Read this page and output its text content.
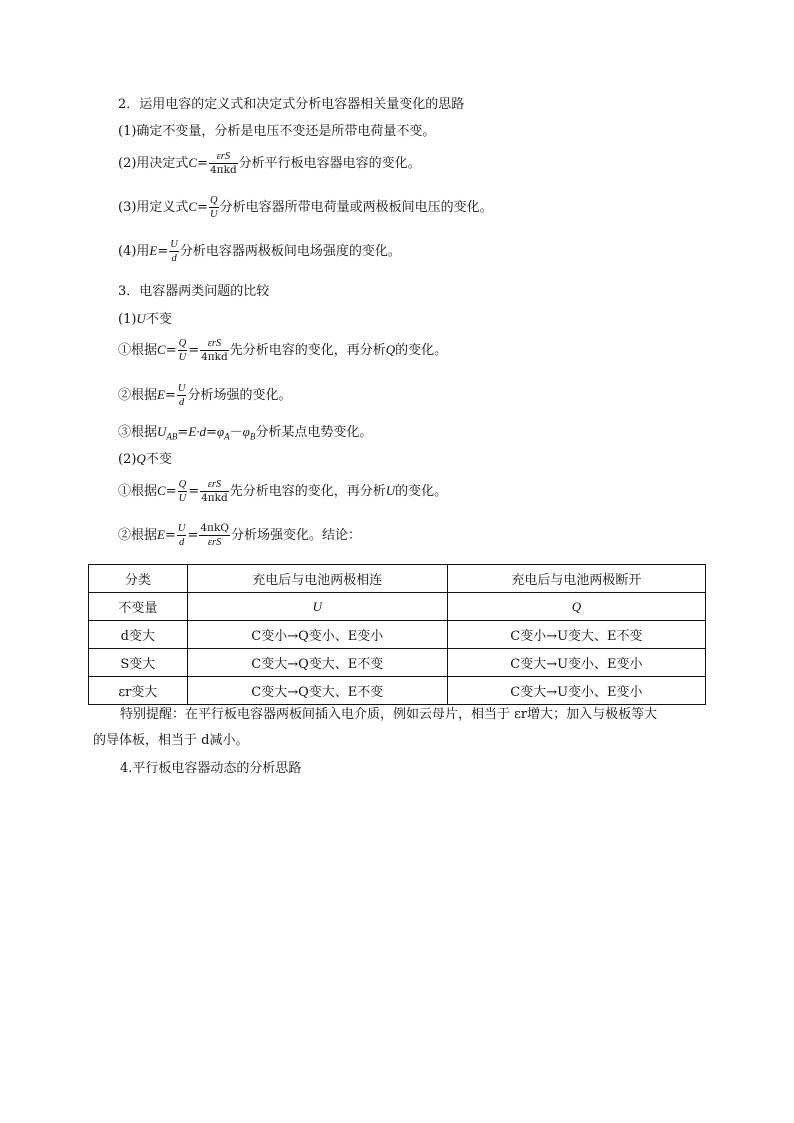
2．运用电容的定义式和决定式分析电容器相关量变化的思路
(1)确定不变量，分析是电压不变还是所带电荷量不变。
(2)用决定式$C= \frac{\text{εrS}}{\text{4πkd}}$ 分析平行板电容器电容的变化。
(3)用定义式$C= \frac{Q}{U}$ 分析电容器所带电荷量或两极板间电压的变化。
(4)用$E= \frac{U}{d}$ 分析电容器两极板间电场强度的变化。
3．电容器两类问题的比较
(1)U不变
①根据$C= \frac{Q}{U} = \frac{\text{εrS}}{\text{4πkd}}$ 先分析电容的变化，再分析Q的变化。
②根据$E= \frac{U}{d}$ 分析场强的变化。
③根据$U_{AB}=E\cdot d=\varphi_A-\varphi_B$分析某点电势变化。
(2)Q不变
①根据$C= \frac{Q}{U} = \frac{\text{εrS}}{\text{4πkd}}$ 先分析电容的变化，再分析U的变化。
②根据$E= \frac{U}{d} = \frac{\text{4πkQ}}{\text{εrS}}$ 分析场强变化。结论：
分类	充电后与电池两极相连	充电后与电池两极断开
不变量	U	Q
d变大	C变小→Q变小、E变小	C变小→U变大、E不变
S变大	C变大→Q变大、E不变	C变大→U变小、E变小
εr变大	C变大→Q变大、E不变	C变大→U变小、E变小
特别提醒：在平行板电容器两板间插入电介质，例如云母片，相当于 εr增大；加入与极板等大
的导体板，相当于 d减小。
4.平行板电容器动态的分析思路
